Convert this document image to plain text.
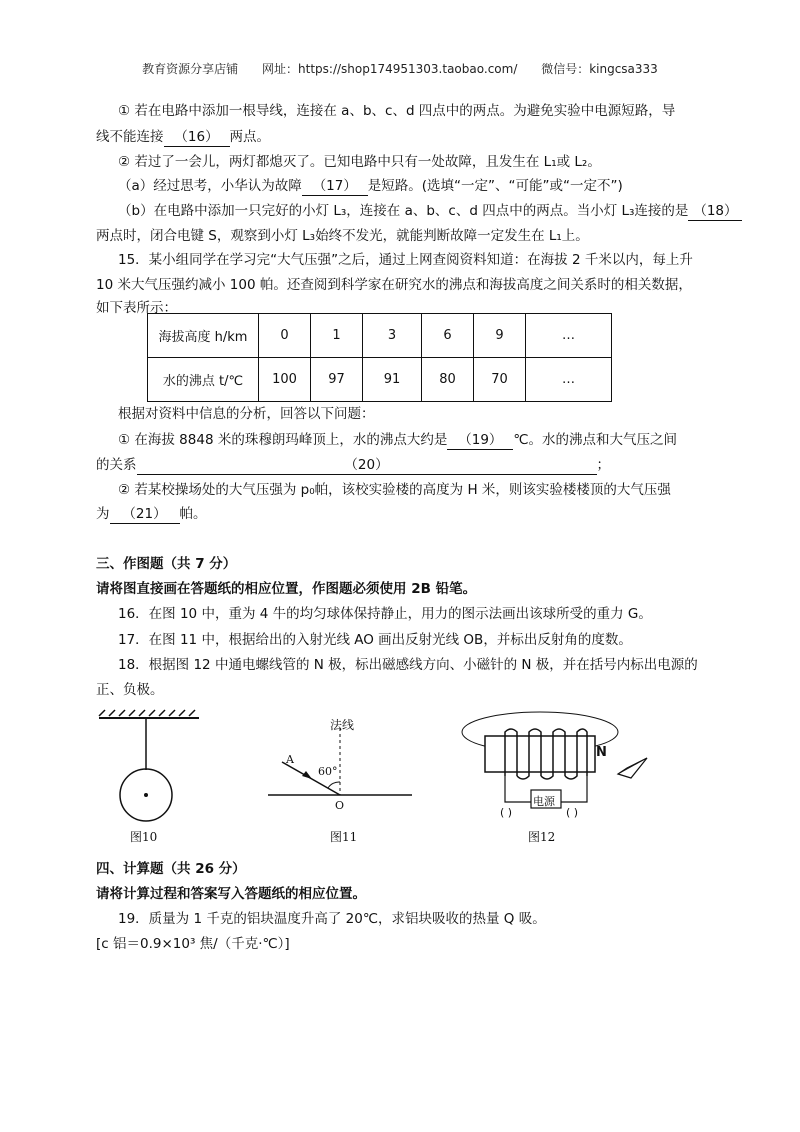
教育资源分享店铺 网址：https://shop174951303.taobao.com/ 微信号：kingcsa333
① 若在电路中添加一根导线，连接在 a、b、c、d 四点中的两点。为避免实验中电源短路，导
线不能连接 （16） 两点。
② 若过了一会儿，两灯都熄灭了。已知电路中只有一处故障，且发生在 L₁或 L₂。
（a）经过思考，小华认为故障 （17） 是短路。(选填“一定”、“可能”或“一定不”)
（b）在电路中添加一只完好的小灯 L₃，连接在 a、b、c、d 四点中的两点。当小灯 L₃连接的是 （18）
两点时，闭合电键 S，观察到小灯 L₃始终不发光，就能判断故障一定发生在 L₁上。
15．某小组同学在学习完“大气压强”之后，通过上网查阅资料知道：在海拔 2 千米以内，每上升
10 米大气压强约减小 100 帕。还查阅到科学家在研究水的沸点和海拔高度之间关系时的相关数据，
如下表所示：
海拔高度 h/km	0	1	3	6	9	…
水的沸点 t/℃	100	97	91	80	70	…
根据对资料中信息的分析，回答以下问题：
① 在海拔 8848 米的珠穆朗玛峰顶上，水的沸点大约是 （19） ℃。水的沸点和大气压之间
的关系	（20）	；
② 若某校操场处的大气压强为 p₀帕，该校实验楼的高度为 H 米，则该实验楼楼顶的大气压强
为 （21） 帕。
三、作图题（共 7 分）
请将图直接画在答题纸的相应位置，作图题必须使用 2B 铅笔。
16．在图 10 中，重为 4 牛的均匀球体保持静止，用力的图示法画出该球所受的重力 G。
17．在图 11 中，根据给出的入射光线 AO 画出反射光线 OB，并标出反射角的度数。
18．根据图 12 中通电螺线管的 N 极，标出磁感线方向、小磁针的 N 极，并在括号内标出电源的
正、负极。
图10
法线
A
60°
O
图11
N
电源
( )	( )
图12
四、计算题（共 26 分）
请将计算过程和答案写入答题纸的相应位置。
19．质量为 1 千克的铝块温度升高了 20℃，求铝块吸收的热量 Q 吸。
[c 铝＝0.9×10³ 焦/（千克·℃）]
